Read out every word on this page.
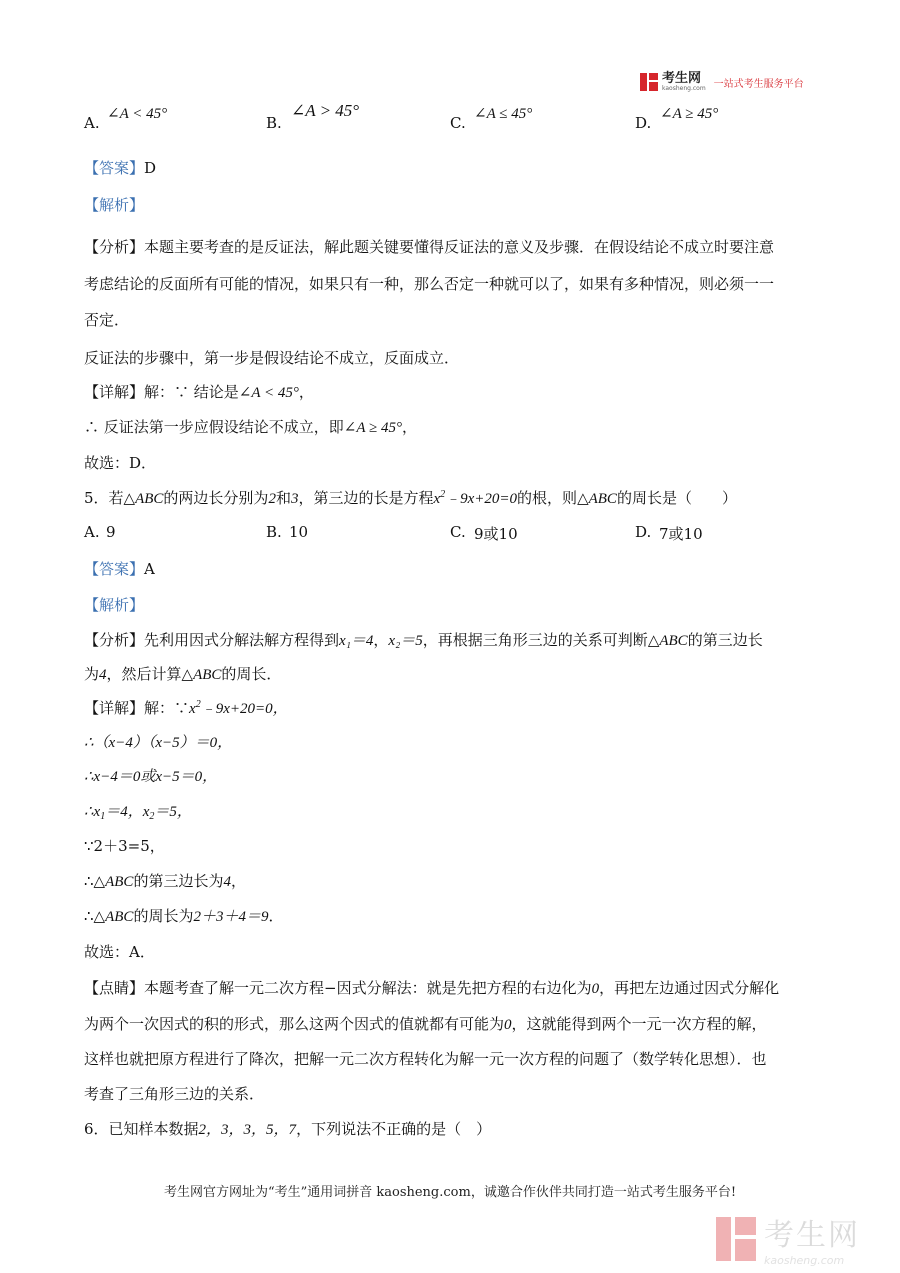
考生网
kaosheng.com 一站式考生服务平台
A. ∠A < 45°	B.
∠A > 45°
C. ∠A ≤ 45°	D. ∠A ≥ 45°
【答案】D
【解析】
【分析】本题主要考查的是反证法，解此题关键要懂得反证法的意义及步骤．在假设结论不成立时要注意
考虑结论的反面所有可能的情况，如果只有一种，那么否定一种就可以了，如果有多种情况，则必须一一
否定．
反证法的步骤中，第一步是假设结论不成立，反面成立．
【详解】解：∵ 结论是∠A < 45°，
∴ 反证法第一步应假设结论不成立，即∠A ≥ 45°，
故选：D．
5．若△ABC的两边长分别为2和3，第三边的长是方程$x^2﹣9x+20=0$的根，则△ABC的周长是（　　）
A. 9	B. 10	C. 9或10	D. 7或10
【答案】A
【解析】
【分析】先利用因式分解法解方程得到x₁＝4，x₂＝5，再根据三角形三边的关系可判断△ABC的第三边长
为4，然后计算△ABC的周长．
【详解】解：$\because x^2﹣9x+20=0$，
∴（x−4）（x−5）＝0，
∴x−4＝0或x−5＝0，
$\therefore x_1=4$，$x_2=5$，
∵2＋3=5，
∴△ABC的第三边长为4，
∴△ABC的周长为2＋3＋4＝9．
故选：A．
【点睛】本题考查了解一元二次方程−因式分解法：就是先把方程的右边化为0，再把左边通过因式分解化
为两个一次因式的积的形式，那么这两个因式的值就都有可能为0，这就能得到两个一元一次方程的解，
这样也就把原方程进行了降次，把解一元二次方程转化为解一元一次方程的问题了（数学转化思想）．也
考查了三角形三边的关系．
6．已知样本数据2，3，3，5，7，下列说法不正确的是（　）
考生网官方网址为“考生”通用词拼音 kaosheng.com，诚邀合作伙伴共同打造一站式考生服务平台!
考生网
kaosheng.com
